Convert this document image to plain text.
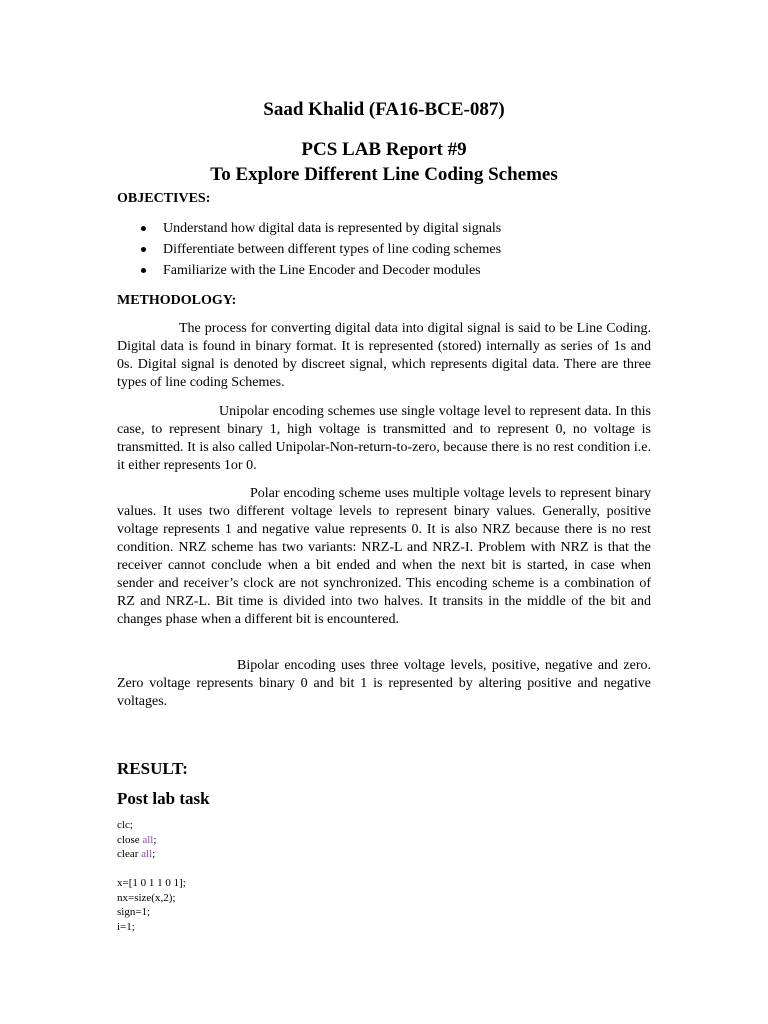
Saad Khalid (FA16-BCE-087)
PCS LAB Report #9
To Explore Different Line Coding Schemes
OBJECTIVES:
Understand how digital data is represented by digital signals
Differentiate between different types of line coding schemes
Familiarize with the Line Encoder and Decoder modules
METHODOLOGY:

The process for converting digital data into digital signal is said to be Line Coding. Digital data is found in binary format. It is represented (stored) internally as series of 1s and 0s. Digital signal is denoted by discreet signal, which represents digital data. There are three types of line coding Schemes.

Unipolar encoding schemes use single voltage level to represent data. In this case, to represent binary 1, high voltage is transmitted and to represent 0, no voltage is transmitted. It is also called Unipolar-Non-return-to-zero, because there is no rest condition i.e. it either represents 1or 0.

Polar encoding scheme uses multiple voltage levels to represent binary values. It uses two different voltage levels to represent binary values. Generally, positive voltage represents 1 and negative value represents 0. It is also NRZ because there is no rest condition. NRZ scheme has two variants: NRZ-L and NRZ-I. Problem with NRZ is that the receiver cannot conclude when a bit ended and when the next bit is started, in case when sender and receiver’s clock are not synchronized. This encoding scheme is a combination of RZ and NRZ-L. Bit time is divided into two halves. It transits in the middle of the bit and changes phase when a different bit is encountered.

Bipolar encoding uses three voltage levels, positive, negative and zero. Zero voltage represents binary 0 and bit 1 is represented by altering positive and negative voltages.

RESULT:
Post lab task
clc;
close all;
clear all;
x=[1 0 1 1 0 1];
nx=size(x,2);
sign=1;
i=1;
